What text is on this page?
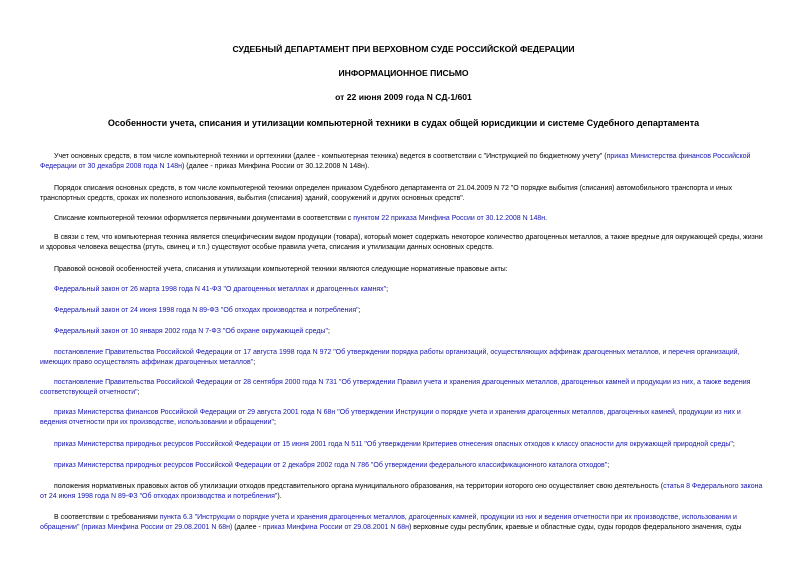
СУДЕБНЫЙ ДЕПАРТАМЕНТ ПРИ ВЕРХОВНОМ СУДЕ РОССИЙСКОЙ ФЕДЕРАЦИИ
ИНФОРМАЦИОННОЕ ПИСЬМО
от 22 июня 2009 года N СД-1/601
Особенности учета, списания и утилизации компьютерной техники в судах общей юрисдикции и системе Судебного департамента
Учет основных средств, в том числе компьютерной техники и оргтехники (далее - компьютерная техника) ведется в соответствии с "Инструкцией по бюджетному учету" (приказ Министерства финансов Российской Федерации от 30 декабря 2008 года N 148н) (далее - приказ Минфина России от 30.12.2008 N 148н).
Порядок списания основных средств, в том числе компьютерной техники определен приказом Судебного департамента от 21.04.2009 N 72 "О порядке выбытия (списания) автомобильного транспорта и иных транспортных средств, сроках их полезного использования, выбытия (списания) зданий, сооружений и других основных средств".
Списание компьютерной техники оформляется первичными документами в соответствии с пунктом 22 приказа Минфина России от 30.12.2008 N 148н.
В связи с тем, что компьютерная техника является специфическим видом продукции (товара), который может содержать некоторое количество драгоценных металлов, а также вредные для окружающей среды, жизни и здоровья человека вещества (ртуть, свинец и т.п.) существуют особые правила учета, списания и утилизации данных основных средств.
Правовой основой особенностей учета, списания и утилизации компьютерной техники являются следующие нормативные правовые акты:
Федеральный закон от 26 марта 1998 года N 41-ФЗ "О драгоценных металлах и драгоценных камнях";
Федеральный закон от 24 июня 1998 года N 89-ФЗ "Об отходах производства и потребления";
Федеральный закон от 10 января 2002 года N 7-ФЗ "Об охране окружающей среды";
постановление Правительства Российской Федерации от 17 августа 1998 года N 972 "Об утверждении порядка работы организаций, осуществляющих аффинаж драгоценных металлов, и перечня организаций, имеющих право осуществлять аффинаж драгоценных металлов";
постановление Правительства Российской Федерации от 28 сентября 2000 года N 731 "Об утверждении Правил учета и хранения драгоценных металлов, драгоценных камней и продукции из них, а также ведения соответствующей отчетности";
приказ Министерства финансов Российской Федерации от 29 августа 2001 года N 68н "Об утверждении Инструкции о порядке учета и хранения драгоценных металлов, драгоценных камней, продукции из них и ведения отчетности при их производстве, использовании и обращении";
приказ Министерства природных ресурсов Российской Федерации от 15 июня 2001 года N 511 "Об утверждении Критериев отнесения опасных отходов к классу опасности для окружающей природной среды";
приказ Министерства природных ресурсов Российской Федерации от 2 декабря 2002 года N 786 "Об утверждении федерального классификационного каталога отходов";
положения нормативных правовых актов об утилизации отходов представительного органа муниципального образования, на территории которого оно осуществляет свою деятельность (статья 8 Федерального закона от 24 июня 1998 года N 89-ФЗ "Об отходах производства и потребления").
В соответствии с требованиями пункта 6.3 "Инструкции о порядке учета и хранения драгоценных металлов, драгоценных камней, продукции из них и ведения отчетности при их производстве, использовании и обращении" (приказ Минфина России от 29.08.2001 N 68н) (далее - приказ Минфина России от 29.08.2001 N 68н) верховные суды республик, краевые и областные суды, суды городов федерального значения, суды
